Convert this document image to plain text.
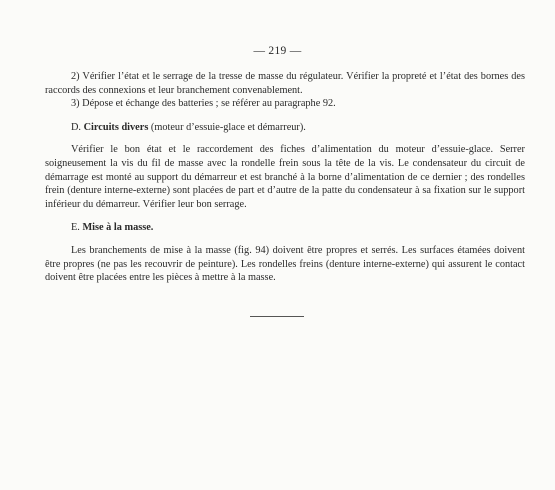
— 219 —

2) Vérifier l’état et le serrage de la tresse de masse du régulateur. Vérifier la propreté et l’état des bornes des raccords des connexions et leur branchement convenablement.

3) Dépose et échange des batteries ; se référer au paragraphe 92.

D. Circuits divers (moteur d’essuie-glace et démarreur).

Vérifier le bon état et le raccordement des fiches d’alimentation du moteur d’essuie-glace. Serrer soigneusement la vis du fil de masse avec la rondelle frein sous la tête de la vis. Le condensateur du circuit de démarrage est monté au support du démarreur et est branché à la borne d’alimentation de ce dernier ; des rondelles frein (denture interne-externe) sont placées de part et d’autre de la patte du condensateur à sa fixation sur le support inférieur du démarreur. Vérifier leur bon serrage.

E. Mise à la masse.

Les branchements de mise à la masse (fig. 94) doivent être propres et serrés. Les surfaces étamées doivent être propres (ne pas les recouvrir de peinture). Les rondelles freins (denture interne-externe) qui assurent le contact doivent être placées entre les pièces à mettre à la masse.
